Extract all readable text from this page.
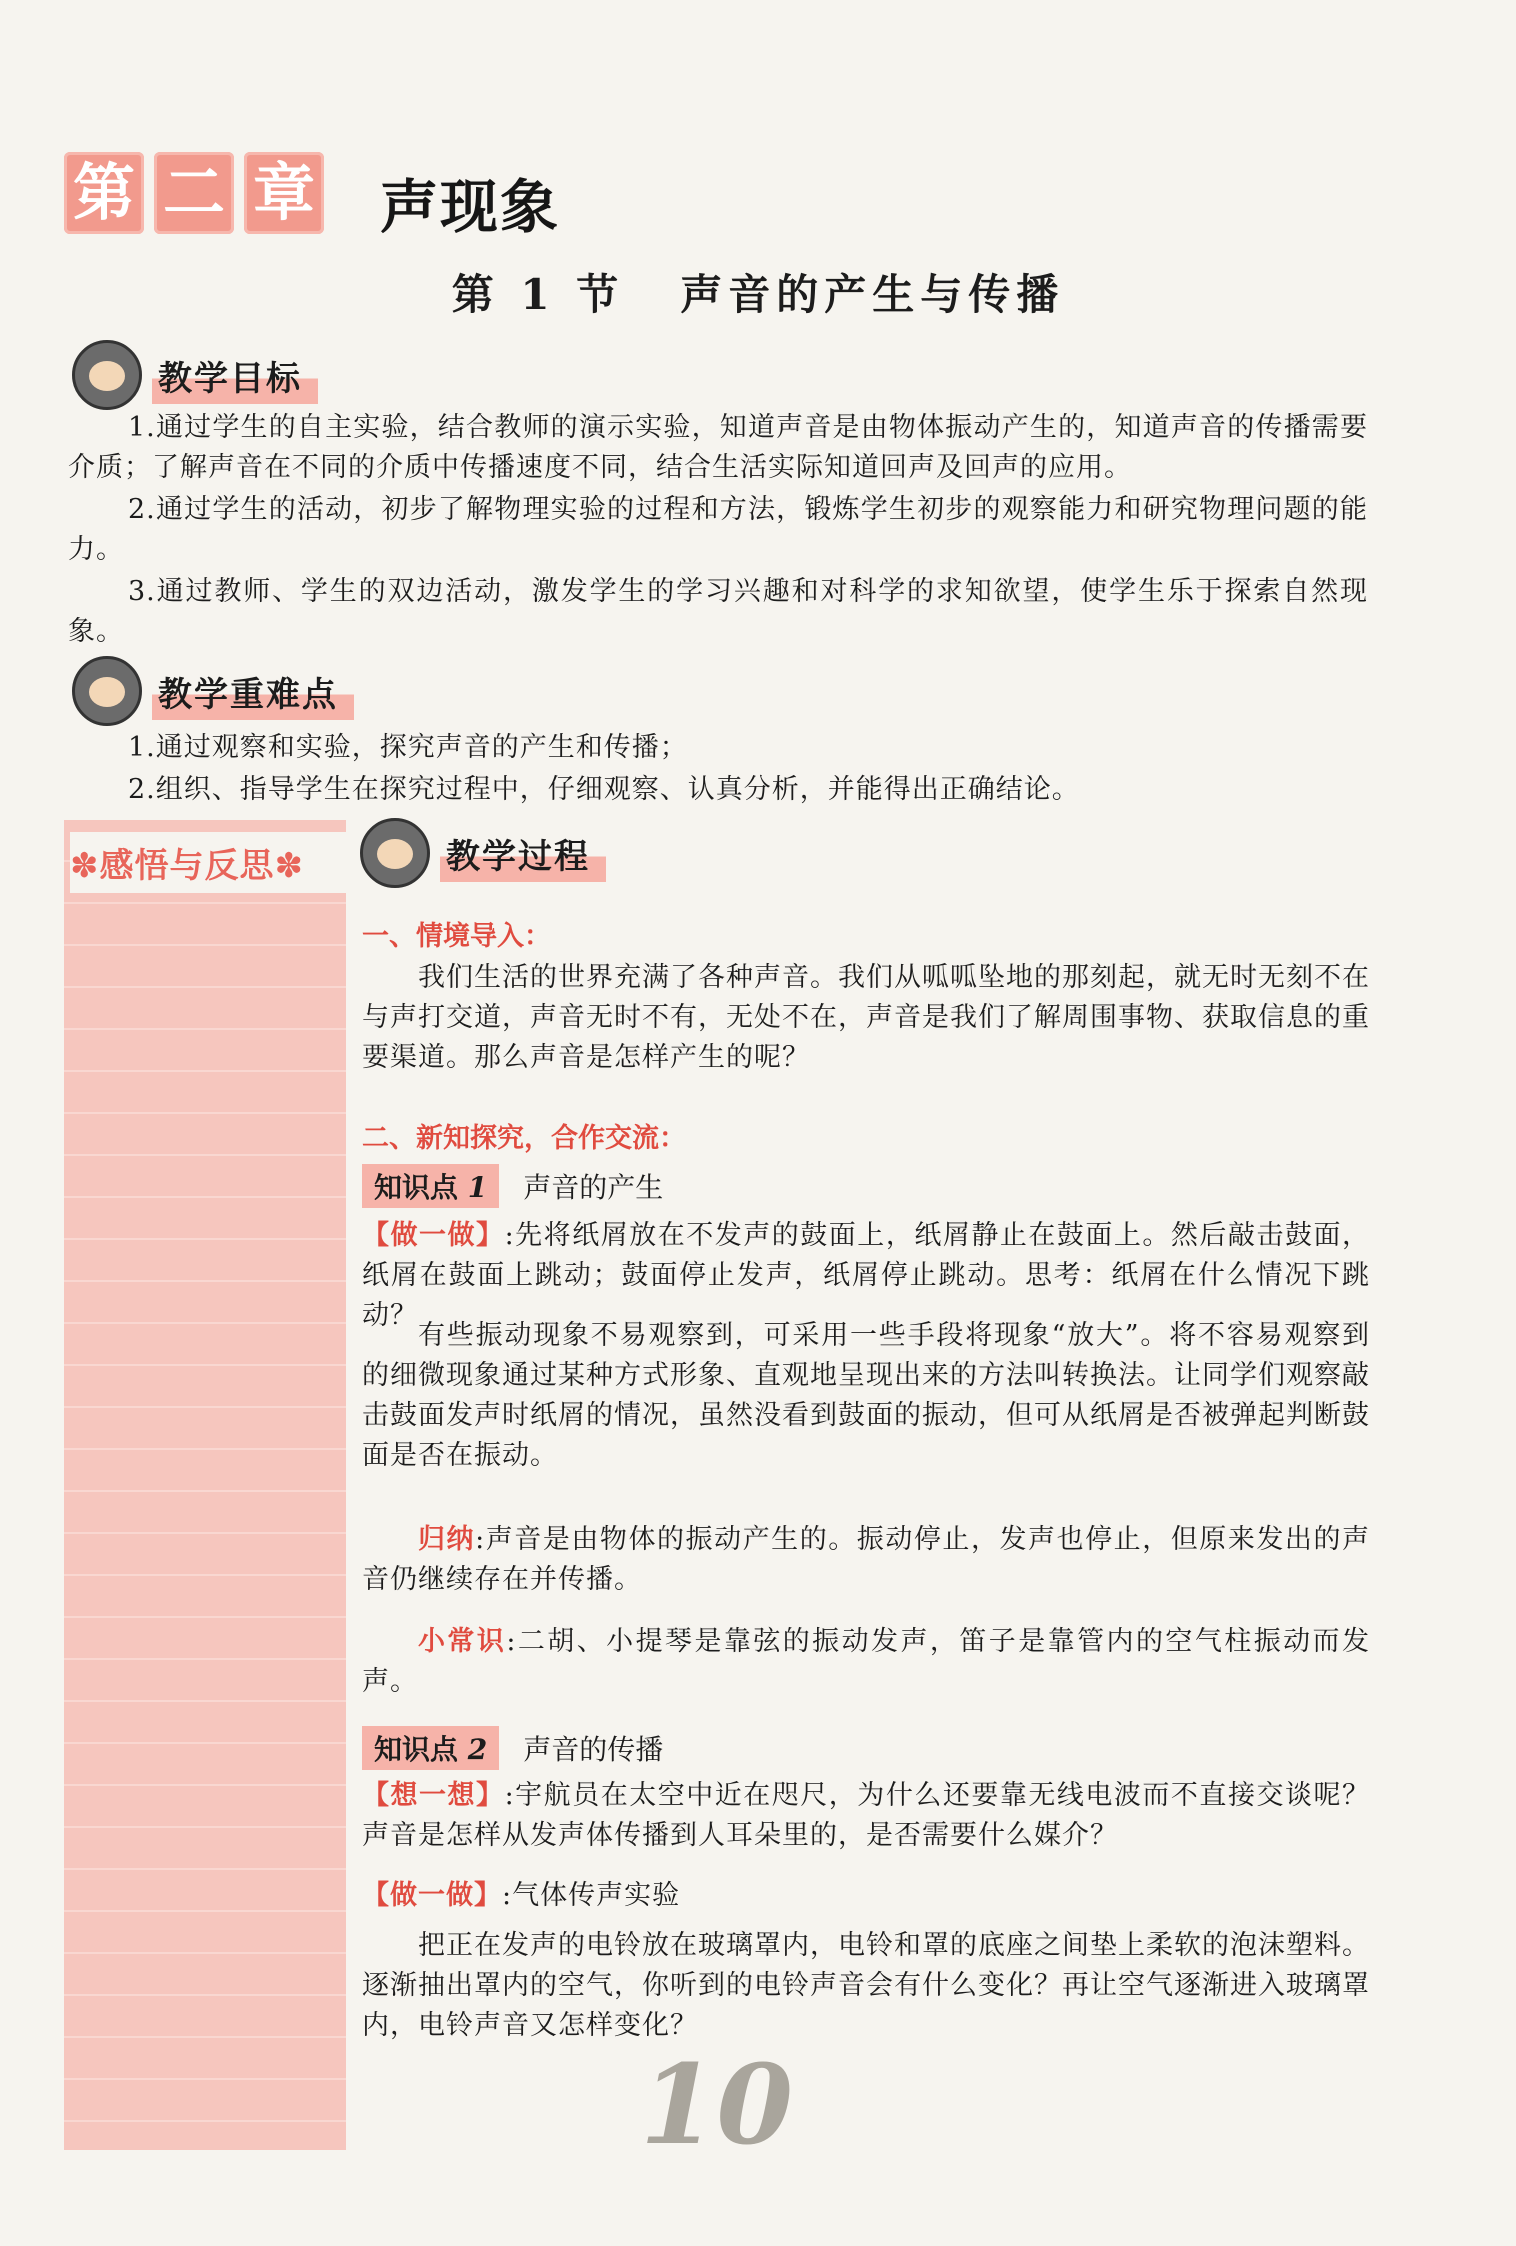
第 二 章 声现象
第 1 节 声音的产生与传播
教学目标
1.通过学生的自主实验，结合教师的演示实验，知道声音是由物体振动产生的，知道声音的传播需要介质；了解声音在不同的介质中传播速度不同，结合生活实际知道回声及回声的应用。
2.通过学生的活动，初步了解物理实验的过程和方法，锻炼学生初步的观察能力和研究物理问题的能力。
3.通过教师、学生的双边活动，激发学生的学习兴趣和对科学的求知欲望，使学生乐于探索自然现象。
教学重难点
1.通过观察和实验，探究声音的产生和传播；
2.组织、指导学生在探究过程中，仔细观察、认真分析，并能得出正确结论。
✽感悟与反思✽	教学过程
一、情境导入：
我们生活的世界充满了各种声音。我们从呱呱坠地的那刻起，就无时无刻不在与声打交道，声音无时不有，无处不在，声音是我们了解周围事物、获取信息的重要渠道。那么声音是怎样产生的呢？
二、新知探究，合作交流：
知识点 1	声音的产生
【做一做】:先将纸屑放在不发声的鼓面上，纸屑静止在鼓面上。然后敲击鼓面，纸屑在鼓面上跳动；鼓面停止发声，纸屑停止跳动。思考：纸屑在什么情况下跳动？
有些振动现象不易观察到，可采用一些手段将现象“放大”。将不容易观察到的细微现象通过某种方式形象、直观地呈现出来的方法叫转换法。让同学们观察敲击鼓面发声时纸屑的情况，虽然没看到鼓面的振动，但可从纸屑是否被弹起判断鼓面是否在振动。
归纳:声音是由物体的振动产生的。振动停止，发声也停止，但原来发出的声音仍继续存在并传播。
小常识:二胡、小提琴是靠弦的振动发声，笛子是靠管内的空气柱振动而发声。
知识点 2	声音的传播
【想一想】:宇航员在太空中近在咫尺，为什么还要靠无线电波而不直接交谈呢？声音是怎样从发声体传播到人耳朵里的，是否需要什么媒介？
【做一做】:气体传声实验
把正在发声的电铃放在玻璃罩内，电铃和罩的底座之间垫上柔软的泡沫塑料。逐渐抽出罩内的空气，你听到的电铃声音会有什么变化？再让空气逐渐进入玻璃罩内，电铃声音又怎样变化？
10
